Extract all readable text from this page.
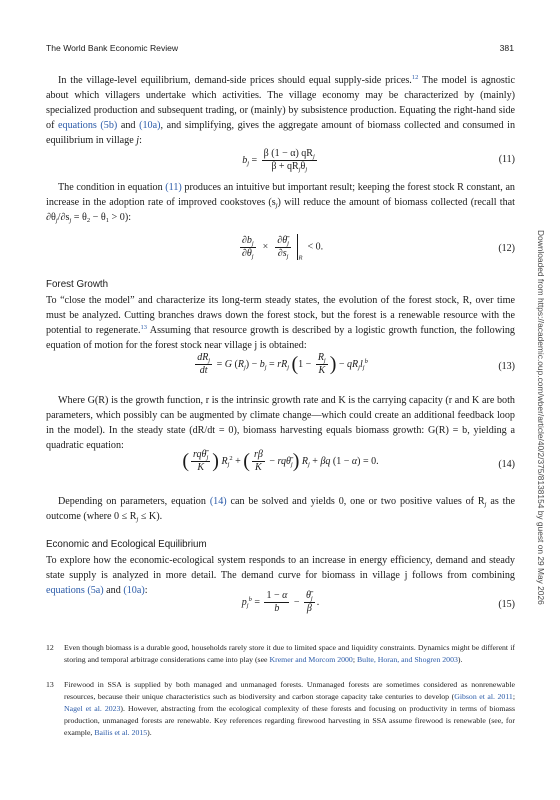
The World Bank Economic Review	381

In the village-level equilibrium, demand-side prices should equal supply-side prices.$^{12}$ The model is agnostic about which villagers undertake which activities. The village economy may be characterized by (mainly) specialized production and subsequent trading, or (mainly) by subsistence production. Equating the right-hand side of equations (5b) and (10a), and simplifying, gives the aggregate amount of biomass collected and consumed in equilibrium in village j:

$b_j = \frac{\beta (1 - \alpha) qR_j}{\beta + qR_j\theta_j}$	(11)

The condition in equation (11) produces an intuitive but important result; keeping the forest stock R constant, an increase in the adoption rate of improved cookstoves $(s_j)$ will reduce the amount of biomass collected (recall that $\partial\theta_j/\partial s_j = \theta_2 - \theta_1 > 0$):

$\frac{\partial b_j}{\partial\theta_j} \times \frac{\partial\thetā_j}{\partial s_j} _R < 0$.	(12)
Forest Growth

To “close the model” and characterize its long-term steady states, the evolution of the forest stock, R, over time must be analyzed. Cutting branches draws down the forest stock, but the forest is a renewable resource with the potential to regenerate.$^{13}$ Assuming that resource growth is described by a logistic growth function, the following equation of motion for the forest stock near village j is obtained:

$\frac{dR_j}{dt} = G$ $(R_j) - b_j = rR_j$ ($1 - \frac{R_j}{K}$ ) − $qR_jl_j^b$	(13)

Where G(R) is the growth function, r is the intrinsic growth rate and K is the carrying capacity (r and K are both parameters, which possibly can be augmented by climate change—which could create an additional feedback loop in the model). In the steady state (dR/dt = 0), biomass harvesting equals biomass growth: G(R) = b, yielding a quadratic equation:

( $\frac{rq\thetā_j}{K}$ ) $R_j^2$ + ( $\frac{r\beta}{K}$ − $rq\thetā_j$) $R_j + \beta q$ (1 − α) = 0.	(14)

Depending on parameters, equation (14) can be solved and yields 0, one or two positive values of $R_j$ as the outcome (where $0 \le R_j \le K$).

Economic and Ecological Equilibrium

To explore how the economic-ecological system responds to an increase in energy efficiency, demand and steady state supply is analyzed in more detail. The demand curve for biomass in village j follows from combining equations (5a) and (10a):

$p_j^b = \frac{1 - \alpha}{b} - \frac{\thetā_j}{\beta}$ .	(15)
12 Even though biomass is a durable good, households rarely store it due to limited space and liquidity constraints. Dynamics might be different if storing and temporal arbitrage considerations came into play (see Kremer and Morcom 2000; Bulte, Horan, and Shogren 2003).
13 Firewood in SSA is supplied by both managed and unmanaged forests. Unmanaged forests are sometimes considered as nonrenewable resources, because their unique characteristics such as biodiversity and carbon storage capacity take centuries to develop (Gibson et al. 2011; Nagel et al. 2023). However, abstracting from the ecological complexity of these forests and focusing on productivity in terms of biomass production, unmanaged forests are renewable. Key references regarding firewood harvesting in SSA assume firewood is renewable (see, for example, Bailis et al. 2015).
Downloaded from https://academic.oup.com/wber/article/40/2/375/8138154 by guest on 29 May 2026
